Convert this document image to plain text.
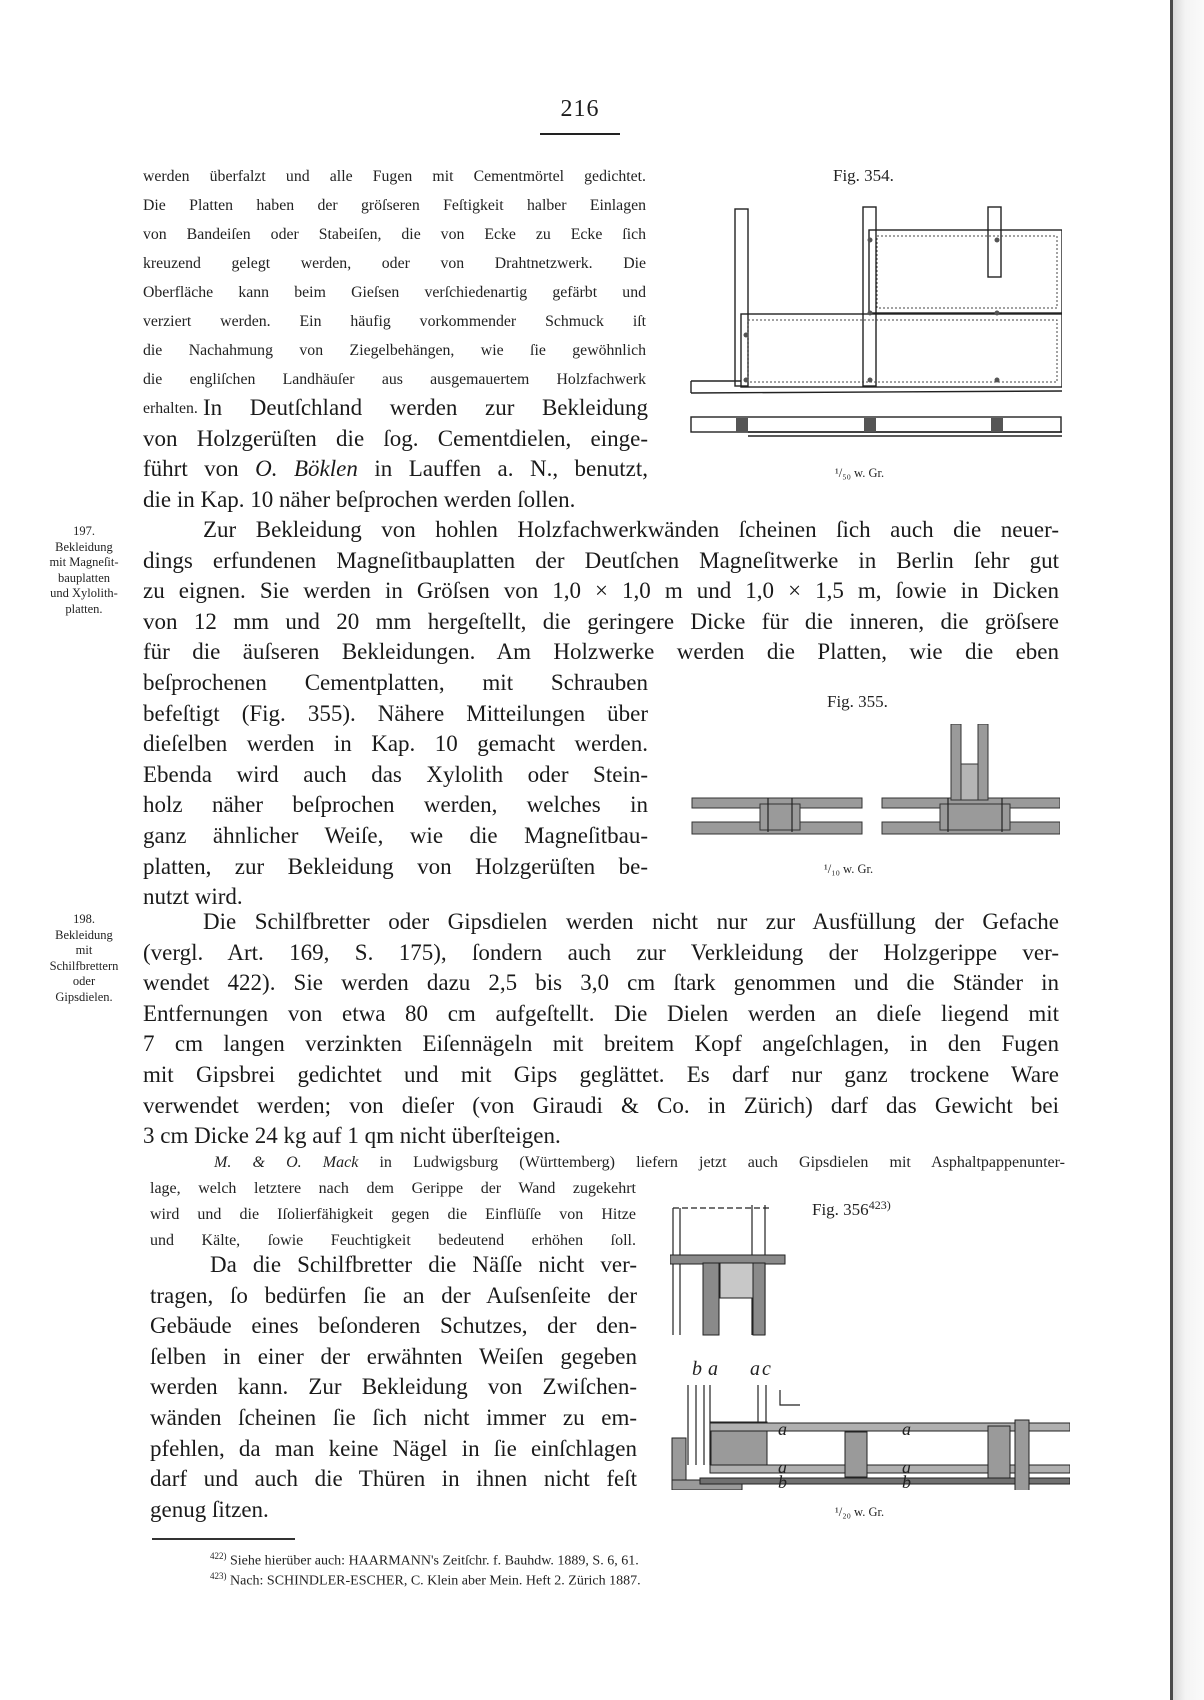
216
werden überfalzt und alle Fugen mit Cementmörtel gedichtet.
Die Platten haben der gröſseren Feſtigkeit halber Einlagen
von Bandeiſen oder Stabeiſen, die von Ecke zu Ecke ſich
kreuzend gelegt werden, oder von Drahtnetzwerk. Die
Oberfläche kann beim Gieſsen verſchiedenartig gefärbt und
verziert werden. Ein häufig vorkommender Schmuck iſt
die Nachahmung von Ziegelbehängen, wie ſie gewöhnlich
die engliſchen Landhäuſer aus ausgemauertem Holzfachwerk
erhalten. In Deutſchland werden zur Bekleidung
von Holzgerüſten die ſog. Cementdielen, einge-
führt von O. Böklen in Lauffen a. N., benutzt,
die in Kap. 10 näher beſprochen werden ſollen.
Fig. 354.
¹/₅₀ w. Gr.
197.
Bekleidung
mit Magneſit-
bauplatten
und Xylolith-
platten.
Zur Bekleidung von hohlen Holzfachwerkwänden ſcheinen ſich auch die neuer-
dings erfundenen Magneſitbauplatten der Deutſchen Magneſitwerke in Berlin ſehr gut
zu eignen. Sie werden in Gröſsen von 1,0 × 1,0 m und 1,0 × 1,5 m, ſowie in Dicken
von 12 mm und 20 mm hergeſtellt, die geringere Dicke für die inneren, die gröſsere
für die äuſseren Bekleidungen. Am Holzwerke werden die Platten, wie die eben
beſprochenen Cementplatten, mit Schrauben
befeſtigt (Fig. 355). Nähere Mitteilungen über
dieſelben werden in Kap. 10 gemacht werden.
Ebenda wird auch das Xylolith oder Stein-
holz näher beſprochen werden, welches in
ganz ähnlicher Weiſe, wie die Magneſitbau-
platten, zur Bekleidung von Holzgerüſten be-
nutzt wird.
Fig. 355.
¹/₁₀ w. Gr.
198.
Bekleidung
mit
Schilfbrettern
oder
Gipsdielen.
Die Schilfbretter oder Gipsdielen werden nicht nur zur Ausfüllung der Gefache
(vergl. Art. 169, S. 175), ſondern auch zur Verkleidung der Holzgerippe ver-
wendet 422). Sie werden dazu 2,5 bis 3,0 cm ſtark genommen und die Ständer in
Entfernungen von etwa 80 cm aufgeſtellt. Die Dielen werden an dieſe liegend mit
7 cm langen verzinkten Eiſennägeln mit breitem Kopf angeſchlagen, in den Fugen
mit Gipsbrei gedichtet und mit Gips geglättet. Es darf nur ganz trockene Ware
verwendet werden; von dieſer (von Giraudi & Co. in Zürich) darf das Gewicht bei
3 cm Dicke 24 kg auf 1 qm nicht überſteigen.
M. & O. Mack in Ludwigsburg (Württemberg) liefern jetzt auch Gipsdielen mit Asphaltpappenunter-
lage, welch letztere nach dem Gerippe der Wand zugekehrt
wird und die Iſolierfähigkeit gegen die Einflüſſe von Hitze
und Kälte, ſowie Feuchtigkeit bedeutend erhöhen ſoll.
Da die Schilfbretter die Näſſe nicht ver-
tragen, ſo bedürfen ſie an der Auſsenſeite der
Gebäude eines beſonderen Schutzes, der den-
ſelben in einer der erwähnten Weiſen gegeben
werden kann. Zur Bekleidung von Zwiſchen-
wänden ſcheinen ſie ſich nicht immer zu em-
pfehlen, da man keine Nägel in ſie einſchlagen
darf und auch die Thüren in ihnen nicht feſt
genug ſitzen.
Fig. 356$^{423)}$
b a a c
a	a
a	a
b	b
¹/₂₀ w. Gr.
$^{422)}$ Siehe hierüber auch: HAARMANN's Zeitſchr. f. Bauhdw. 1889, S. 6, 61.
$^{423)}$ Nach: SCHINDLER-ESCHER, C. Klein aber Mein. Heft 2. Zürich 1887.
